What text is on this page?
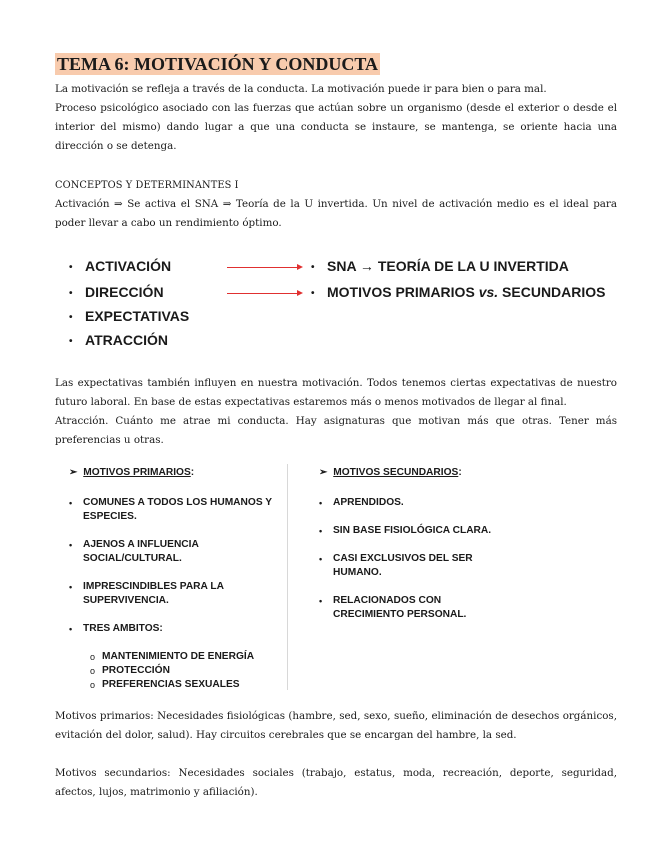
TEMA 6: MOTIVACIÓN Y CONDUCTA
La motivación se refleja a través de la conducta. La motivación puede ir para bien o para mal.
Proceso psicológico asociado con las fuerzas que actúan sobre un organismo (desde el exterior o desde el interior del mismo) dando lugar a que una conducta se instaure, se mantenga, se oriente hacia una dirección o se detenga.
CONCEPTOS Y DETERMINANTES I
Activación ⇒ Se activa el SNA ⇒ Teoría de la U invertida. Un nivel de activación medio es el ideal para poder llevar a cabo un rendimiento óptimo.
• ACTIVACIÓN
• DIRECCIÓN
• EXPECTATIVAS
• ATRACCIÓN
• SNA → TEORÍA DE LA U INVERTIDA
• MOTIVOS PRIMARIOS vs. SECUNDARIOS
Las expectativas también influyen en nuestra motivación. Todos tenemos ciertas expectativas de nuestro futuro laboral. En base de estas expectativas estaremos más o menos motivados de llegar al final.
Atracción. Cuánto me atrae mi conducta. Hay asignaturas que motivan más que otras. Tener más preferencias u otras.
➢ MOTIVOS PRIMARIOS:
• COMUNES A TODOS LOS HUMANOS Y ESPECIES.
• AJENOS A INFLUENCIA SOCIAL/CULTURAL.
• IMPRESCINDIBLES PARA LA SUPERVIVENCIA.
• TRES AMBITOS:
o MANTENIMIENTO DE ENERGÍA
o PROTECCIÓN
o PREFERENCIAS SEXUALES
➢ MOTIVOS SECUNDARIOS:
• APRENDIDOS.
• SIN BASE FISIOLÓGICA CLARA.
• CASI EXCLUSIVOS DEL SER HUMANO.
• RELACIONADOS CON CRECIMIENTO PERSONAL.
Motivos primarios: Necesidades fisiológicas (hambre, sed, sexo, sueño, eliminación de desechos orgánicos, evitación del dolor, salud). Hay circuitos cerebrales que se encargan del hambre, la sed.
Motivos secundarios: Necesidades sociales (trabajo, estatus, moda, recreación, deporte, seguridad, afectos, lujos, matrimonio y afiliación).
